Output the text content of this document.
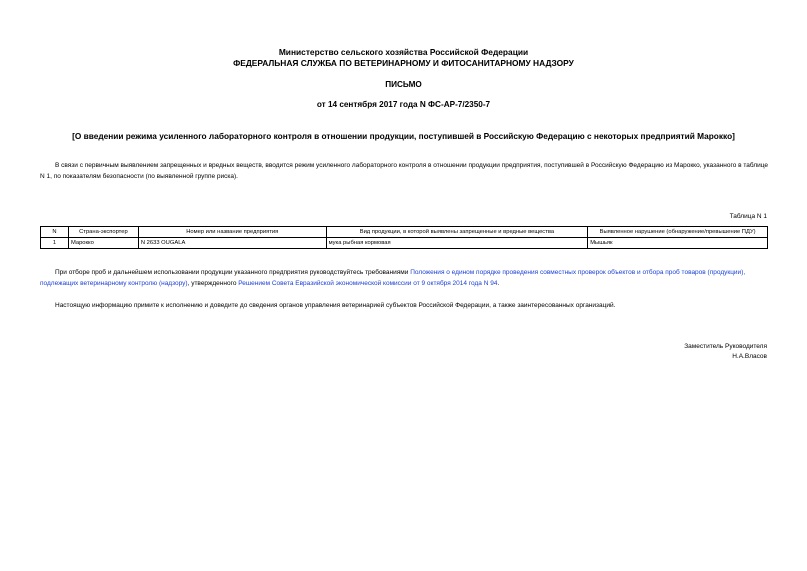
Министерство сельского хозяйства Российской Федерации
ФЕДЕРАЛЬНАЯ СЛУЖБА ПО ВЕТЕРИНАРНОМУ И ФИТОСАНИТАРНОМУ НАДЗОРУ
ПИСЬМО
от 14 сентября 2017 года N ФС-АР-7/2350-7
[О введении режима усиленного лабораторного контроля в отношении продукции, поступившей в Российскую Федерацию с некоторых предприятий Марокко]
В связи с первичным выявлением запрещенных и вредных веществ, вводится режим усиленного лабораторного контроля в отношении продукции предприятия, поступившей в Российскую Федерацию из Марокко, указанного в таблице N 1, по показателям безопасности (по выявленной группе риска).
Таблица N 1
N	Страна-экспортер	Номер или название предприятия	Вид продукции, в которой выявлены запрещенные и вредные вещества	Выявленное нарушение (обнаружение/превышение ПДУ)
1	Марокко	N 2633 OUGALA	мука рыбная кормовая	Мышьяк
При отборе проб и дальнейшем использовании продукции указанного предприятия руководствуйтесь требованиями Положения о едином порядке проведения совместных проверок объектов и отбора проб товаров (продукции), подлежащих ветеринарному контролю (надзору), утвержденного Решением Совета Евразийской экономической комиссии от 9 октября 2014 года N 94.
Настоящую информацию примите к исполнению и доведите до сведения органов управления ветеринарией субъектов Российской Федерации, а также заинтересованных организаций.
Заместитель Руководителя
Н.А.Власов
